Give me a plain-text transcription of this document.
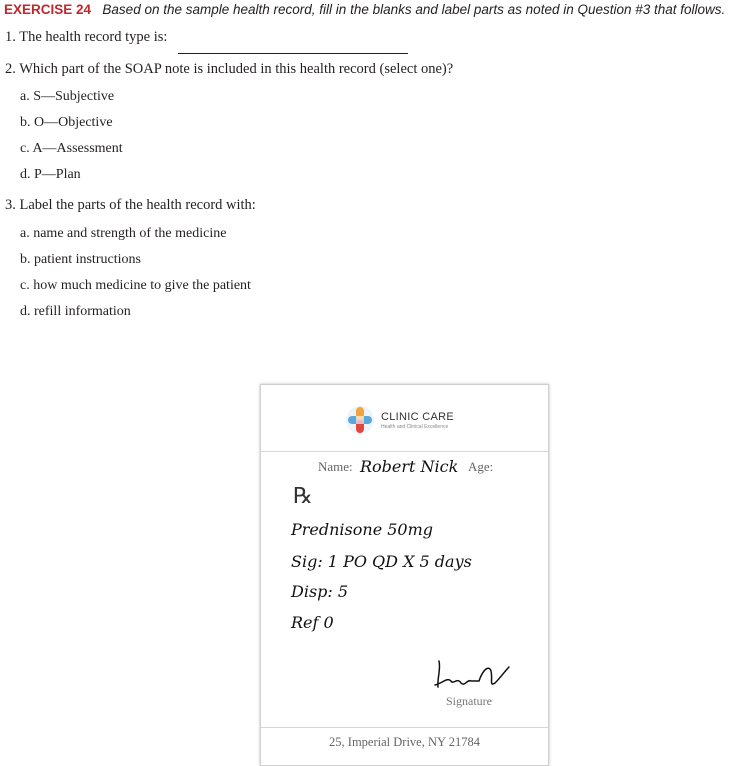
EXERCISE 24 Based on the sample health record, fill in the blanks and label parts as noted in Question #3 that follows.
1. The health record type is:
2. Which part of the SOAP note is included in this health record (select one)?
a. S—Subjective
b. O—Objective
c. A—Assessment
d. P—Plan
3. Label the parts of the health record with:
a. name and strength of the medicine
b. patient instructions
c. how much medicine to give the patient
d. refill information
CLINIC CARE
Health and Clinical Excellence
Name: Robert Nick Age:
℞
Prednisone 50mg
Sig: 1 PO QD X 5 days
Disp: 5
Ref 0
Signature
25, Imperial Drive, NY 21784
